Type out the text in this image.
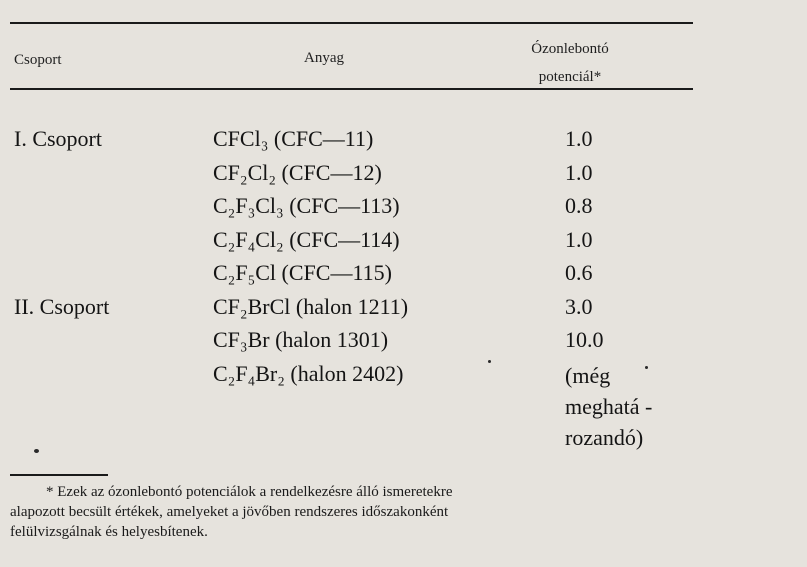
Csoport	Anyag
Ózonlebontó
potenciál*
I. Csoport	CFCl₃ (CFC—11)	1.0
CF₂Cl₂ (CFC—12)	1.0
C₂F₃Cl₃ (CFC—113)	0.8
C₂F₄Cl₂ (CFC—114)	1.0
C₂F₅Cl (CFC—115)	0.6
II. Csoport	CF₂BrCl (halon 1211)	3.0
CF₃Br (halon 1301)	10.0
C₂F₄Br₂ (halon 2402)	(még meghatá - rozandó)
* Ezek az ózonlebontó potenciálok a rendelkezésre álló ismeretekre
alapozott becsült értékek, amelyeket a jövőben rendszeres időszakonként
felülvizsgálnak és helyesbítenek.
